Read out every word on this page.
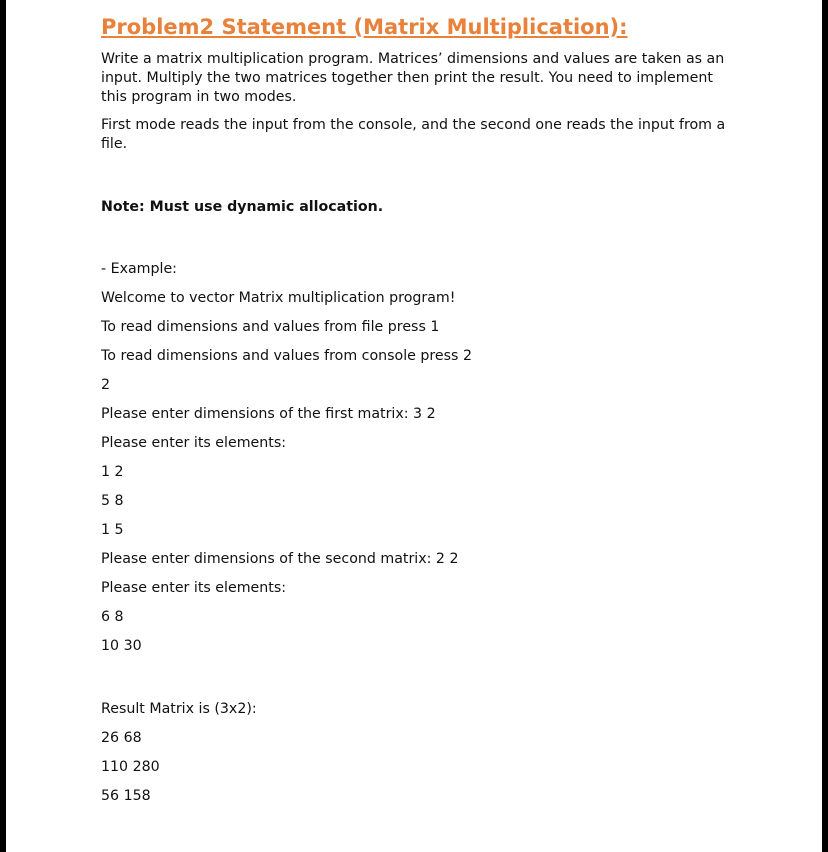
Problem2 Statement (Matrix Multiplication):

Write a matrix multiplication program. Matrices’ dimensions and values are taken as an input. Multiply the two matrices together then print the result. You need to implement this program in two modes.

First mode reads the input from the console, and the second one reads the input from a file.

Note: Must use dynamic allocation.
- Example:
Welcome to vector Matrix multiplication program!
To read dimensions and values from file press 1
To read dimensions and values from console press 2
2
Please enter dimensions of the first matrix: 3 2
Please enter its elements:
1 2
5 8
1 5
Please enter dimensions of the second matrix: 2 2
Please enter its elements:
6 8
10 30
Result Matrix is (3x2):
26 68
110 280
56 158
